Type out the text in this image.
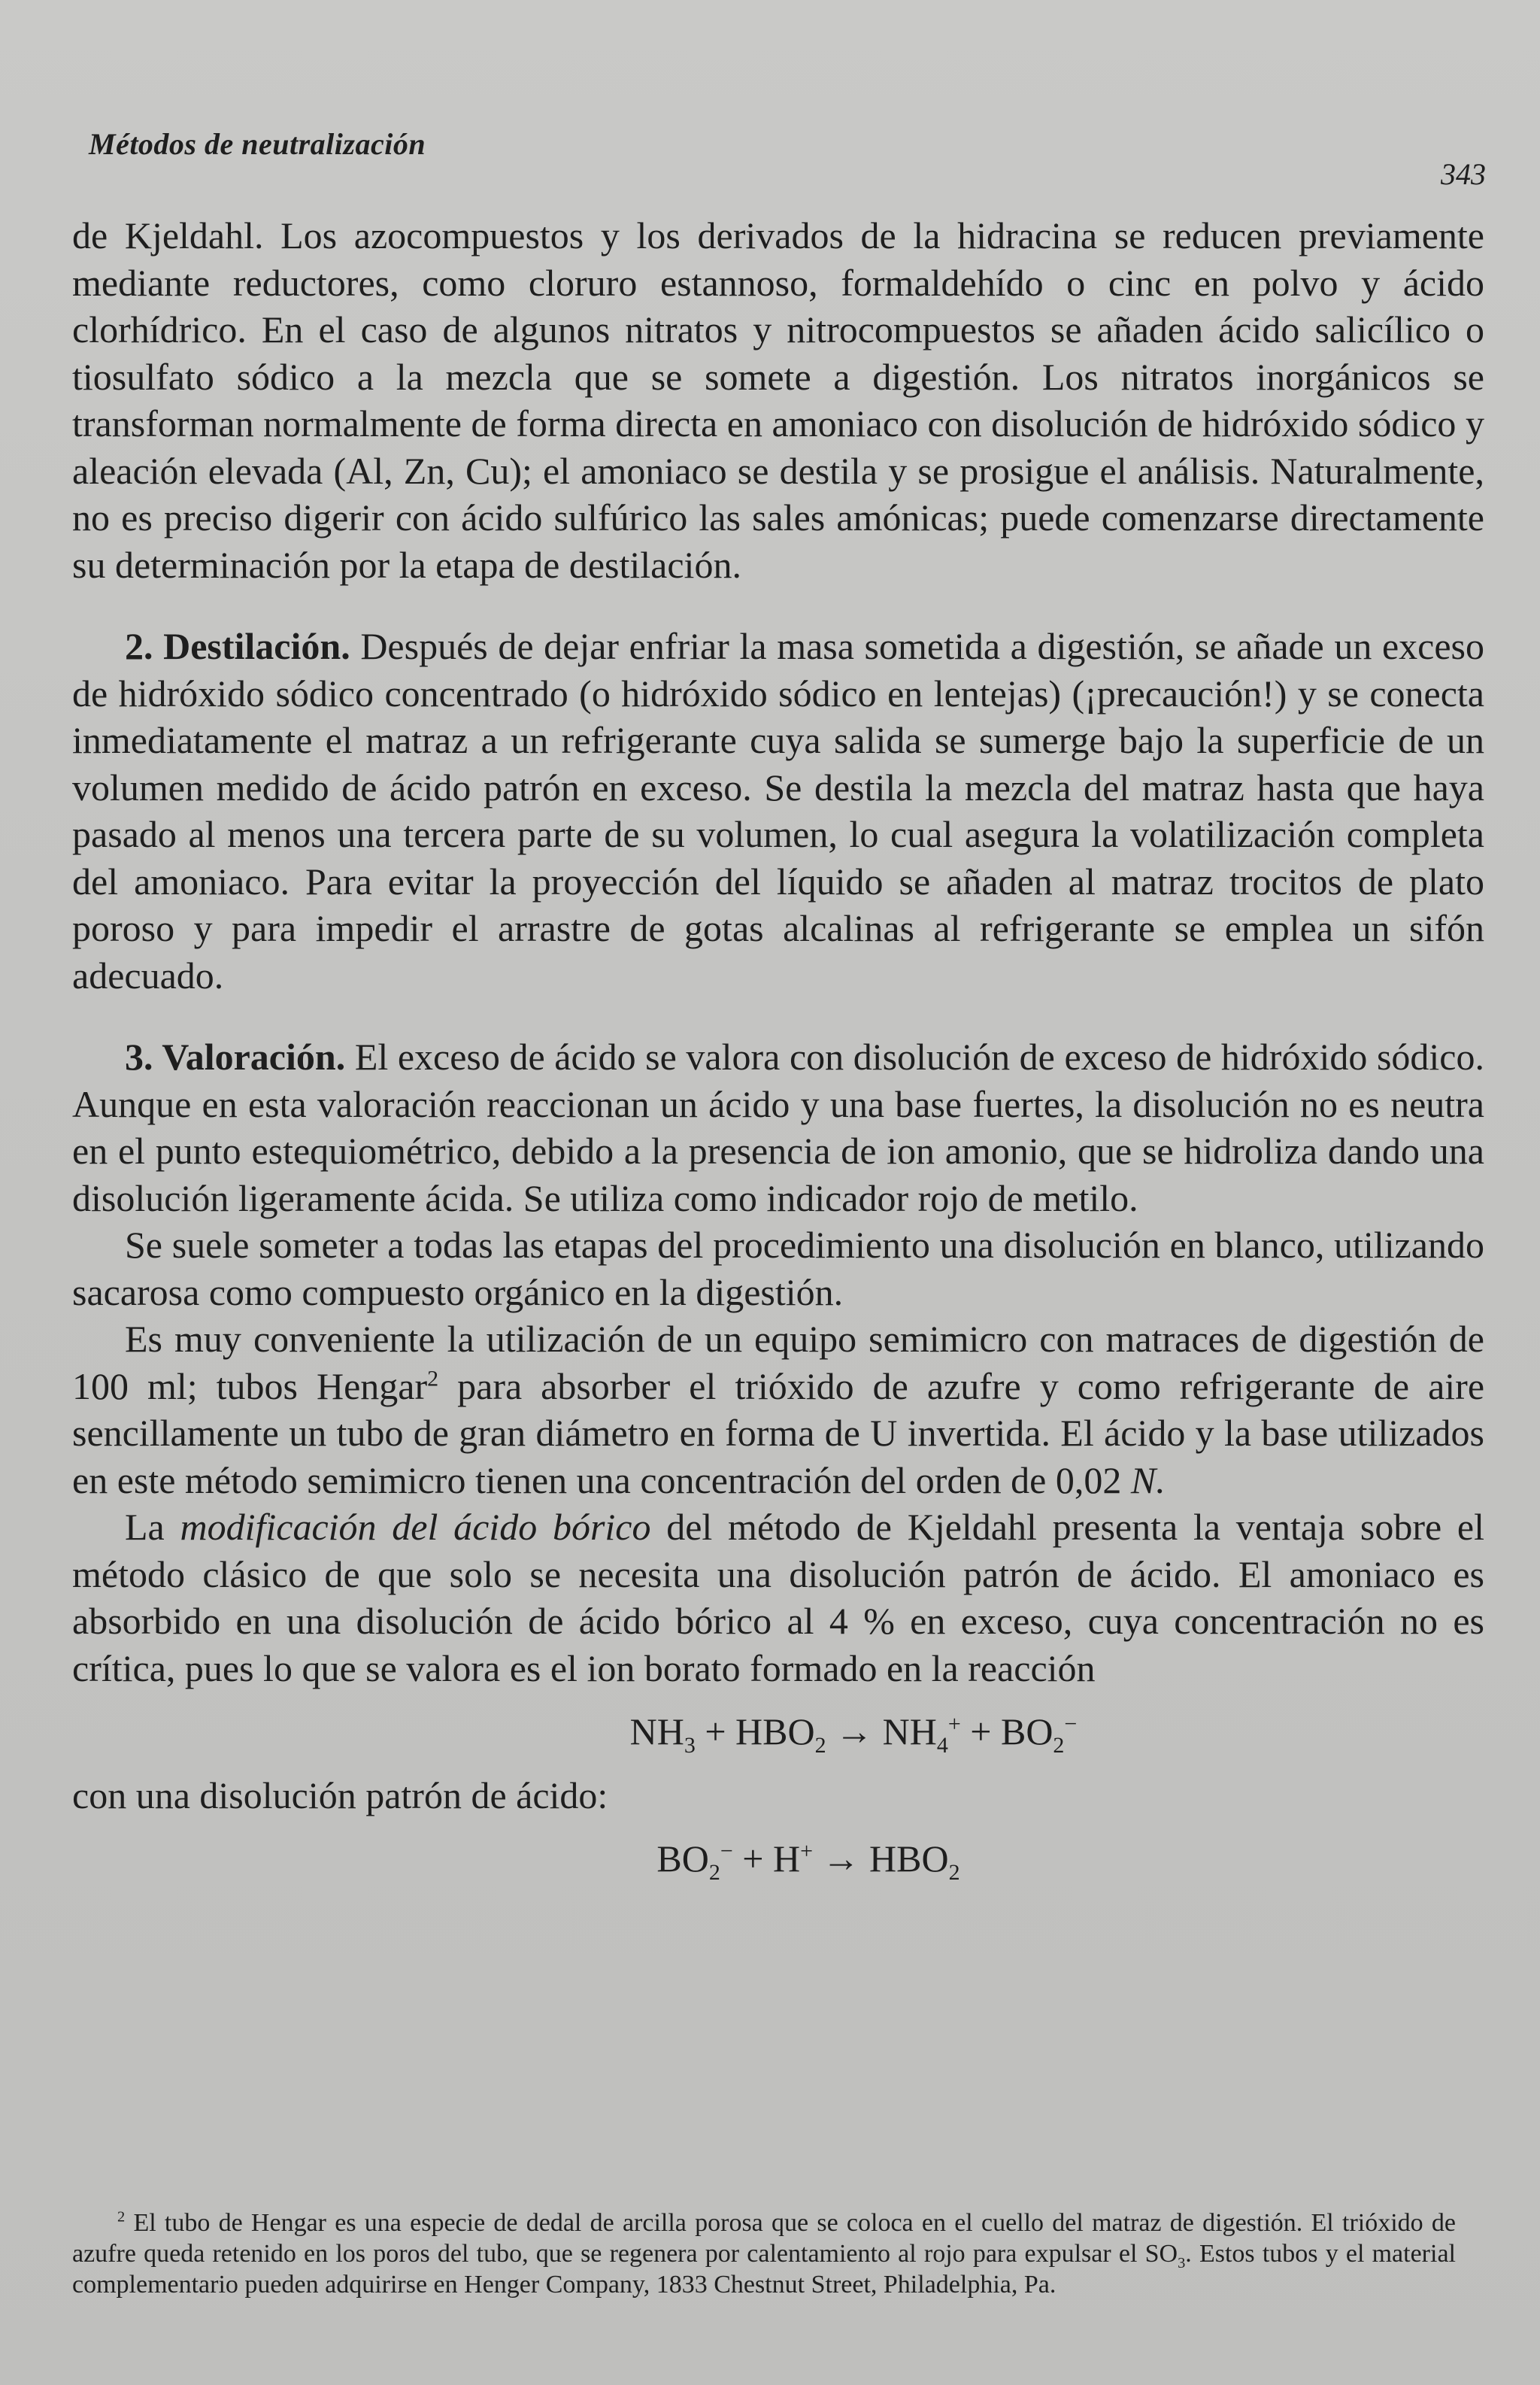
Métodos de neutralización
343

de Kjeldahl. Los azocompuestos y los derivados de la hidracina se reducen previamente mediante reductores, como cloruro estannoso, formaldehído o cinc en polvo y ácido clorhídrico. En el caso de algunos nitratos y nitrocompuestos se añaden ácido salicílico o tiosulfato sódico a la mezcla que se somete a digestión. Los nitratos inorgánicos se transforman normalmente de forma directa en amoniaco con disolución de hidróxido sódico y aleación elevada (Al, Zn, Cu); el amoniaco se destila y se prosigue el análisis. Naturalmente, no es preciso digerir con ácido sulfúrico las sales amónicas; puede comenzarse directamente su determinación por la etapa de destilación.

2. Destilación. Después de dejar enfriar la masa sometida a digestión, se añade un exceso de hidróxido sódico concentrado (o hidróxido sódico en lentejas) (¡precaución!) y se conecta inmediatamente el matraz a un refrigerante cuya salida se sumerge bajo la superficie de un volumen medido de ácido patrón en exceso. Se destila la mezcla del matraz hasta que haya pasado al menos una tercera parte de su volumen, lo cual asegura la volatilización completa del amoniaco. Para evitar la proyección del líquido se añaden al matraz trocitos de plato poroso y para impedir el arrastre de gotas alcalinas al refrigerante se emplea un sifón adecuado.

3. Valoración. El exceso de ácido se valora con disolución de exceso de hidróxido sódico. Aunque en esta valoración reaccionan un ácido y una base fuertes, la disolución no es neutra en el punto estequiométrico, debido a la presencia de ion amonio, que se hidroliza dando una disolución ligeramente ácida. Se utiliza como indicador rojo de metilo.

Se suele someter a todas las etapas del procedimiento una disolución en blanco, utilizando sacarosa como compuesto orgánico en la digestión.

Es muy conveniente la utilización de un equipo semimicro con matraces de digestión de 100 ml; tubos Hengar$^2$ para absorber el trióxido de azufre y como refrigerante de aire sencillamente un tubo de gran diámetro en forma de U invertida. El ácido y la base utilizados en este método semimicro tienen una concentración del orden de 0,02 N.

La modificación del ácido bórico del método de Kjeldahl presenta la ventaja sobre el método clásico de que solo se necesita una disolución patrón de ácido. El amoniaco es absorbido en una disolución de ácido bórico al 4 % en exceso, cuya concentración no es crítica, pues lo que se valora es el ion borato formado en la reacción

$NH_3 + HBO_2 \to NH_4^+ + BO_2^-$

con una disolución patrón de ácido:

$BO_2^- + H^+ \to HBO_2$

$^2$ El tubo de Hengar es una especie de dedal de arcilla porosa que se coloca en el cuello del matraz de digestión. El trióxido de azufre queda retenido en los poros del tubo, que se regenera por calentamiento al rojo para expulsar el $SO_3$. Estos tubos y el material complementario pueden adquirirse en Henger Company, 1833 Chestnut Street, Philadelphia, Pa.
